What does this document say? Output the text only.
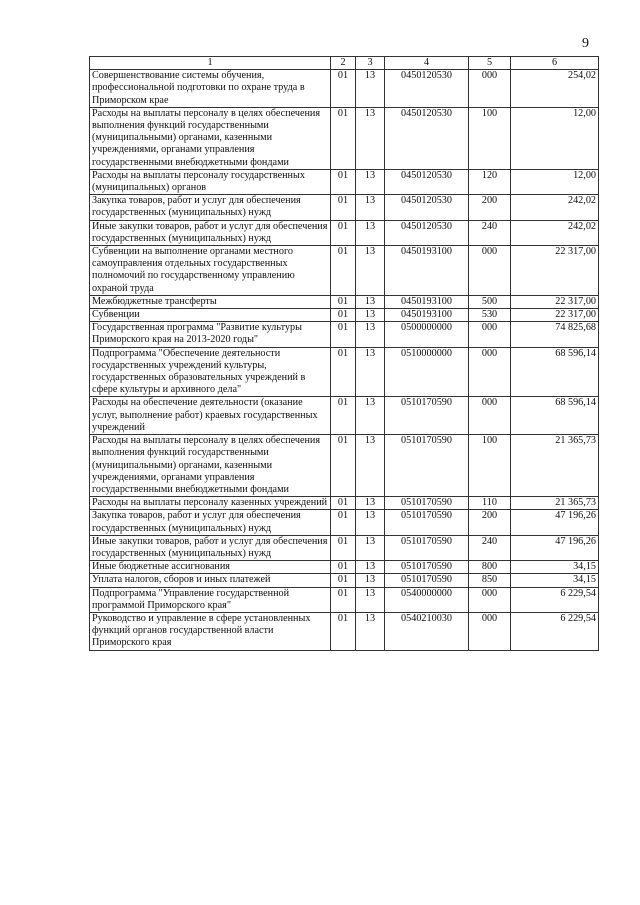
9
1	2	3	4	5	6
Совершенствование системы обучения, профессиональной подготовки по охране труда в Приморском крае	01	13	0450120530	000	254,02
Расходы на выплаты персоналу в целях обеспечения выполнения функций государственными (муниципальными) органами, казенными учреждениями, органами управления государственными внебюджетными фондами	01	13	0450120530	100	12,00
Расходы на выплаты персоналу государственных (муниципальных) органов	01	13	0450120530	120	12,00
Закупка товаров, работ и услуг для обеспечения государственных (муниципальных) нужд	01	13	0450120530	200	242,02
Иные закупки товаров, работ и услуг для обеспечения государственных (муниципальных) нужд	01	13	0450120530	240	242,02
Субвенции на выполнение органами местного самоуправления отдельных государственных полномочий по государственному управлению охраной труда	01	13	0450193100	000	22 317,00
Межбюджетные трансферты	01	13	0450193100	500	22 317,00
Субвенции	01	13	0450193100	530	22 317,00
Государственная программа "Развитие культуры Приморского края на 2013-2020 годы"	01	13	0500000000	000	74 825,68
Подпрограмма "Обеспечение деятельности государственных учреждений культуры, государственных образовательных учреждений в сфере культуры и архивного дела"	01	13	0510000000	000	68 596,14
Расходы на обеспечение деятельности (оказание услуг, выполнение работ) краевых государственных учреждений	01	13	0510170590	000	68 596,14
Расходы на выплаты персоналу в целях обеспечения выполнения функций государственными (муниципальными) органами, казенными учреждениями, органами управления государственными внебюджетными фондами	01	13	0510170590	100	21 365,73
Расходы на выплаты персоналу казенных учреждений	01	13	0510170590	110	21 365,73
Закупка товаров, работ и услуг для обеспечения государственных (муниципальных) нужд	01	13	0510170590	200	47 196,26
Иные закупки товаров, работ и услуг для обеспечения государственных (муниципальных) нужд	01	13	0510170590	240	47 196,26
Иные бюджетные ассигнования	01	13	0510170590	800	34,15
Уплата налогов, сборов и иных платежей	01	13	0510170590	850	34,15
Подпрограмма "Управление государственной программой Приморского края"	01	13	0540000000	000	6 229,54
Руководство и управление в сфере установленных функций органов государственной власти Приморского края	01	13	0540210030	000	6 229,54
